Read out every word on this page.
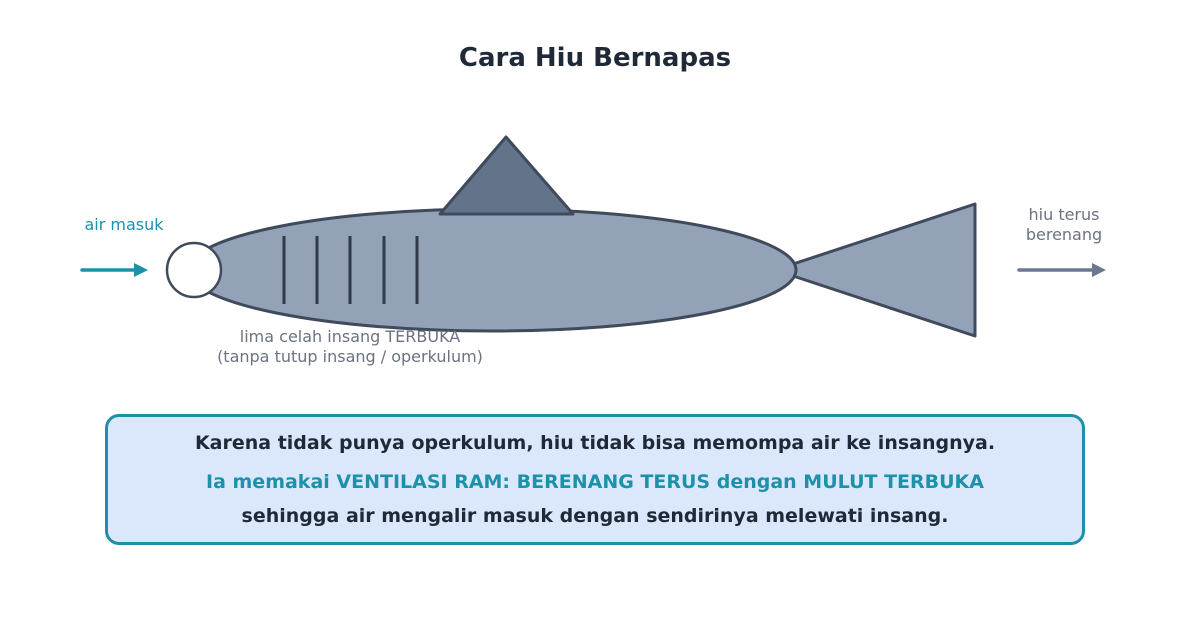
Cara Hiu Bernapas
air masuk
hiu terus
berenang
lima celah insang TERBUKA
(tanpa tutup insang / operkulum)
Karena tidak punya operkulum, hiu tidak bisa memompa air ke insangnya.
Ia memakai VENTILASI RAM: BERENANG TERUS dengan MULUT TERBUKA
sehingga air mengalir masuk dengan sendirinya melewati insang.
